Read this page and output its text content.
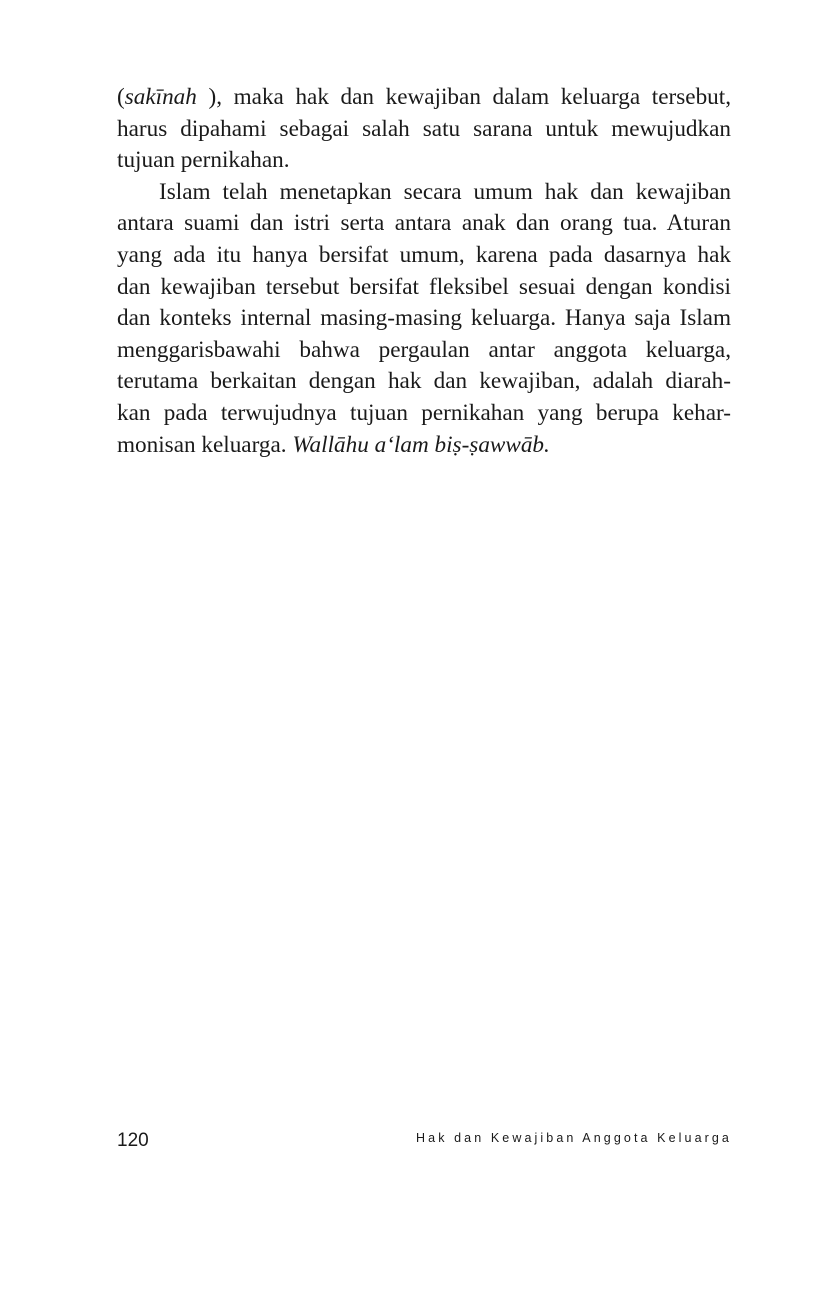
(sakīnah ), maka hak dan kewajiban dalam keluarga tersebut,
harus dipahami sebagai salah satu sarana untuk mewujudkan
tujuan pernikahan.

Islam telah menetapkan secara umum hak dan kewajiban
antara suami dan istri serta antara anak dan orang tua. Aturan
yang ada itu hanya bersifat umum, karena pada dasarnya hak
dan kewajiban tersebut bersifat fleksibel sesuai dengan kondisi
dan konteks internal masing-masing keluarga. Hanya saja Islam
menggarisbawahi bahwa pergaulan antar anggota keluarga,
terutama berkaitan dengan hak dan kewajiban, adalah diarah-
kan pada terwujudnya tujuan pernikahan yang berupa kehar-
monisan keluarga. Wallāhu a‘lam biṣ-ṣawwāb.

120	Hak dan Kewajiban Anggota Keluarga
